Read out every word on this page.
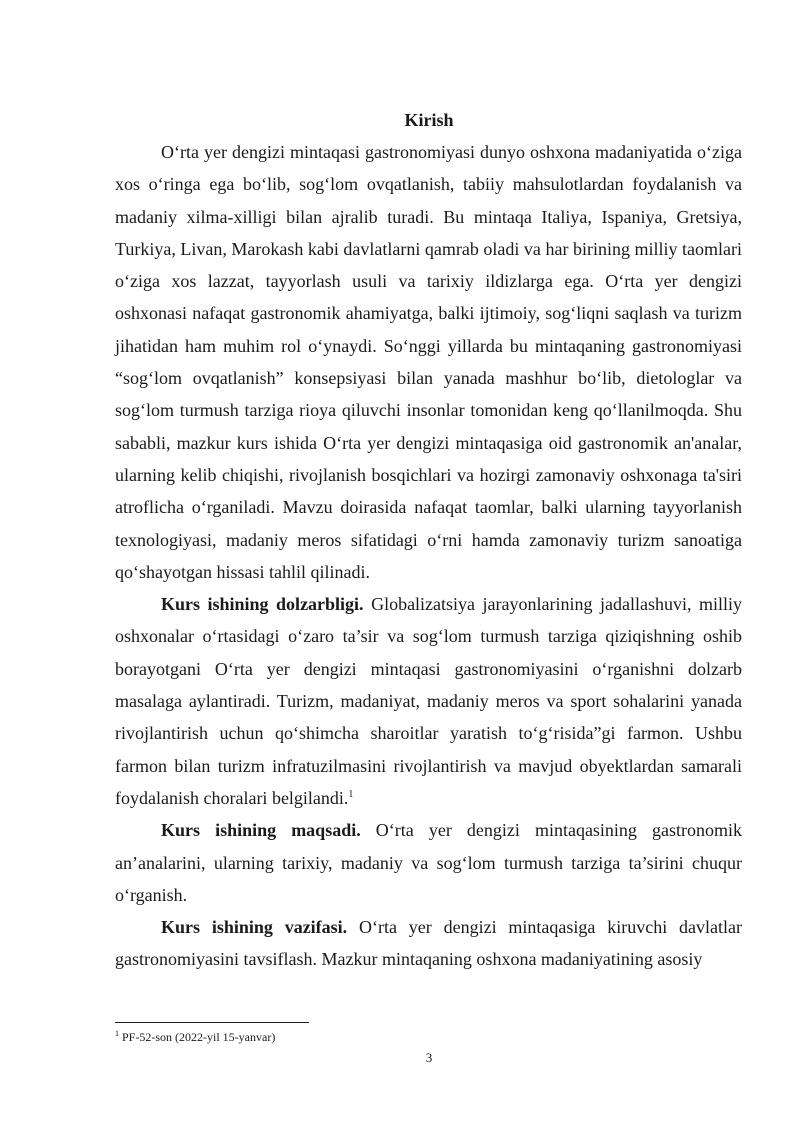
Kirish

O‘rta yer dengizi mintaqasi gastronomiyasi dunyo oshxona madaniyatida o‘ziga xos o‘ringa ega bo‘lib, sog‘lom ovqatlanish, tabiiy mahsulotlardan foydalanish va madaniy xilma-xilligi bilan ajralib turadi. Bu mintaqa Italiya, Ispaniya, Gretsiya, Turkiya, Livan, Marokash kabi davlatlarni qamrab oladi va har birining milliy taomlari o‘ziga xos lazzat, tayyorlash usuli va tarixiy ildizlarga ega. O‘rta yer dengizi oshxonasi nafaqat gastronomik ahamiyatga, balki ijtimoiy, sog‘liqni saqlash va turizm jihatidan ham muhim rol o‘ynaydi. So‘nggi yillarda bu mintaqaning gastronomiyasi “sog‘lom ovqatlanish” konsepsiyasi bilan yanada mashhur bo‘lib, dietologlar va sog‘lom turmush tarziga rioya qiluvchi insonlar tomonidan keng qo‘llanilmoqda. Shu sababli, mazkur kurs ishida O‘rta yer dengizi mintaqasiga oid gastronomik an'analar, ularning kelib chiqishi, rivojlanish bosqichlari va hozirgi zamonaviy oshxonaga ta'siri atroflicha o‘rganiladi. Mavzu doirasida nafaqat taomlar, balki ularning tayyorlanish texnologiyasi, madaniy meros sifatidagi o‘rni hamda zamonaviy turizm sanoatiga qo‘shayotgan hissasi tahlil qilinadi.

Kurs ishining dolzarbligi. Globalizatsiya jarayonlarining jadallashuvi, milliy oshxonalar o‘rtasidagi o‘zaro ta’sir va sog‘lom turmush tarziga qiziqishning oshib borayotgani O‘rta yer dengizi mintaqasi gastronomiyasini o‘rganishni dolzarb masalaga aylantiradi. Turizm, madaniyat, madaniy meros va sport sohalarini yanada rivojlantirish uchun qo‘shimcha sharoitlar yaratish to‘g‘risida”gi farmon. Ushbu farmon bilan turizm infratuzilmasini rivojlantirish va mavjud obyektlardan samarali foydalanish choralari belgilandi.$^1$

Kurs ishining maqsadi. O‘rta yer dengizi mintaqasining gastronomik an’analarini, ularning tarixiy, madaniy va sog‘lom turmush tarziga ta’sirini chuqur o‘rganish.

Kurs ishining vazifasi. O‘rta yer dengizi mintaqasiga kiruvchi davlatlar gastronomiyasini tavsiflash. Mazkur mintaqaning oshxona madaniyatining asosiy

$^1$ PF-52-son (2022-yil 15-yanvar)
3
